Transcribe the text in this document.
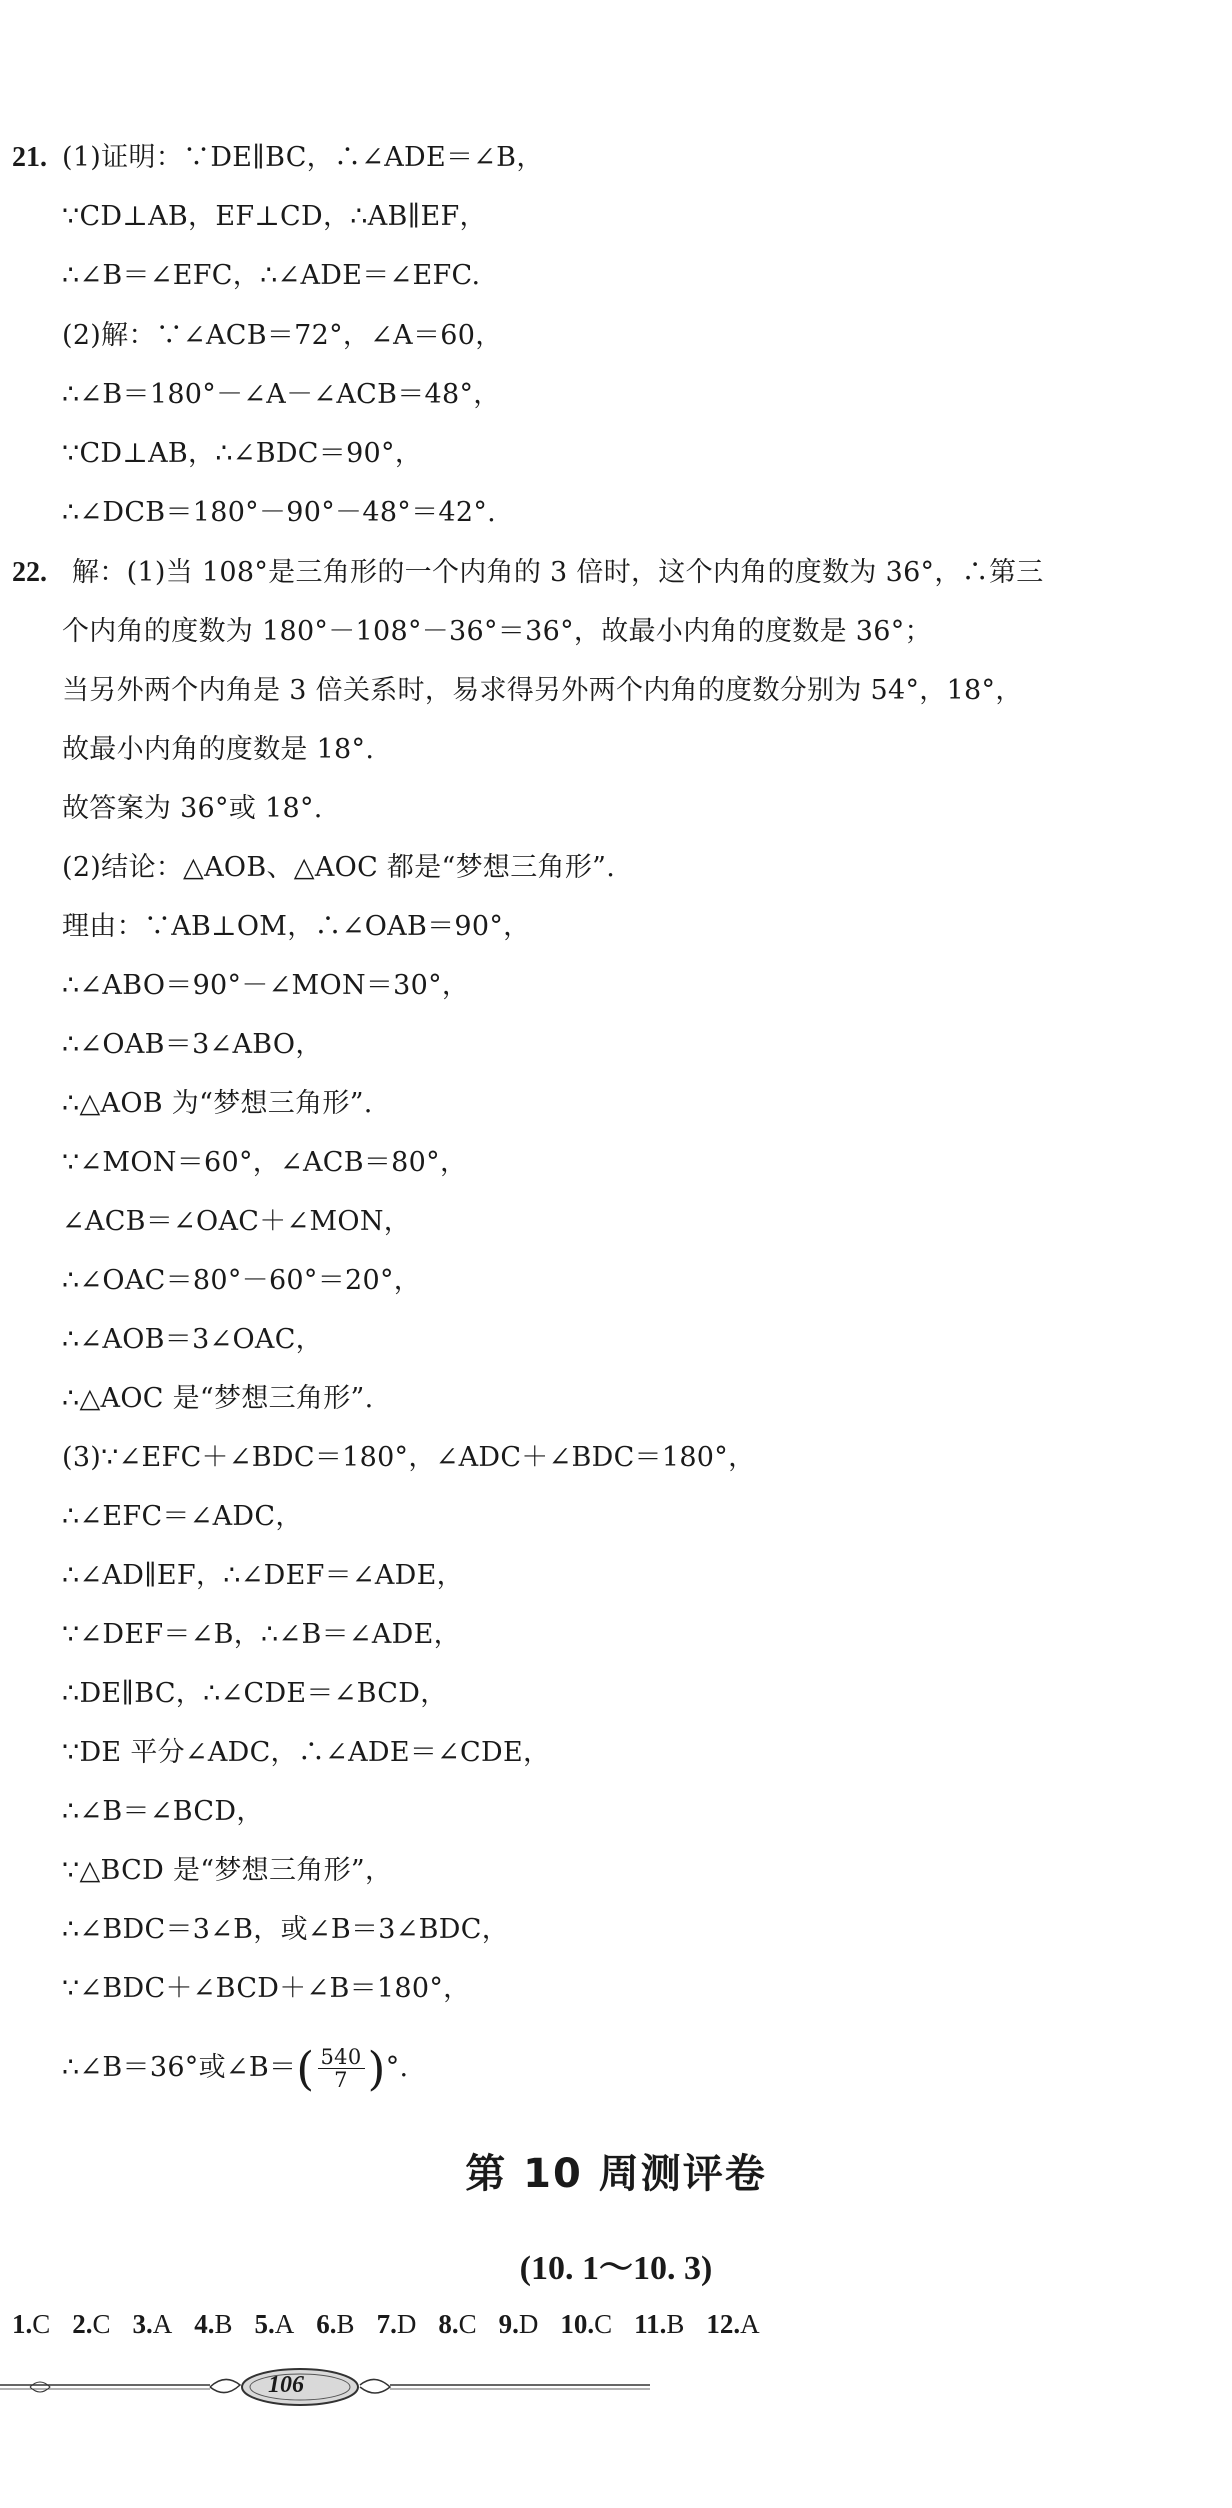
21. (1)证明：∵DE∥BC，∴∠ADE＝∠B，
∵CD⊥AB，EF⊥CD，∴AB∥EF，
∴∠B＝∠EFC，∴∠ADE＝∠EFC.
(2)解：∵∠ACB＝72°，∠A＝60，
∴∠B＝180°－∠A－∠ACB＝48°，
∵CD⊥AB，∴∠BDC＝90°，
∴∠DCB＝180°－90°－48°＝42°.
22. 解：(1)当 108°是三角形的一个内角的 3 倍时，这个内角的度数为 36°，∴第三
个内角的度数为 180°－108°－36°＝36°，故最小内角的度数是 36°；
当另外两个内角是 3 倍关系时，易求得另外两个内角的度数分别为 54°，18°，
故最小内角的度数是 18°.
故答案为 36°或 18°.
(2)结论：△AOB、△AOC 都是“梦想三角形”.
理由：∵AB⊥OM，∴∠OAB＝90°，
∴∠ABO＝90°－∠MON＝30°，
∴∠OAB＝3∠ABO，
∴△AOB 为“梦想三角形”.
∵∠MON＝60°，∠ACB＝80°，
∠ACB＝∠OAC＋∠MON，
∴∠OAC＝80°－60°＝20°，
∴∠AOB＝3∠OAC，
∴△AOC 是“梦想三角形”.
(3)∵∠EFC＋∠BDC＝180°，∠ADC＋∠BDC＝180°，
∴∠EFC＝∠ADC，
∴∠AD∥EF，∴∠DEF＝∠ADE，
∵∠DEF＝∠B，∴∠B＝∠ADE，
∴DE∥BC，∴∠CDE＝∠BCD，
∵DE 平分∠ADC，∴∠ADE＝∠CDE，
∴∠B＝∠BCD，
∵△BCD 是“梦想三角形”，
∴∠BDC＝3∠B，或∠B＝3∠BDC，
∵∠BDC＋∠BCD＋∠B＝180°，
∴∠B＝36°或∠B＝( $\frac{540}{7}$ )°.
第 10 周测评卷
(10. 1～10. 3)
1.C 2.C 3.A 4.B 5.A 6.B 7.D 8.C 9.D 10.C 11.B 12.A
106
